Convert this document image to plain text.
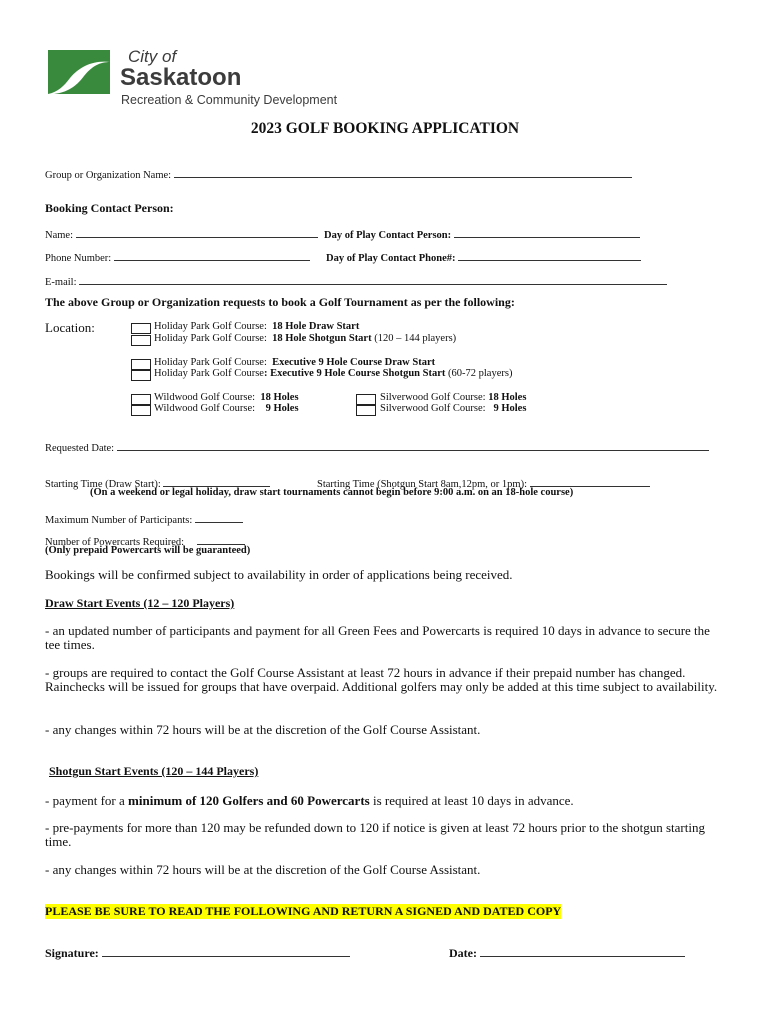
City of
Saskatoon
Recreation & Community Development
2023 GOLF BOOKING APPLICATION
Group or Organization Name:
Booking Contact Person:
Name:	Day of Play Contact Person:
Phone Number:	Day of Play Contact Phone#:
E-mail:
The above Group or Organization requests to book a Golf Tournament as per the following:
Location:	Holiday Park Golf Course: 18 Hole Draw Start
Holiday Park Golf Course: 18 Hole Shotgun Start (120 – 144 players)
Holiday Park Golf Course: Executive 9 Hole Course Draw Start
Holiday Park Golf Course: Executive 9 Hole Course Shotgun Start (60-72 players)
Wildwood Golf Course: 18 Holes
Wildwood Golf Course: 9 Holes
Silverwood Golf Course: 18 Holes
Silverwood Golf Course: 9 Holes
Requested Date:
Starting Time (Draw Start):	Starting Time (Shotgun Start 8am,12pm, or 1pm):
(On a weekend or legal holiday, draw start tournaments cannot begin before 9:00 a.m. on an 18-hole course)
Maximum Number of Participants:
Number of Powercarts Required:
(Only prepaid Powercarts will be guaranteed)
Bookings will be confirmed subject to availability in order of applications being received.
Draw Start Events (12 – 120 Players)
- an updated number of participants and payment for all Green Fees and Powercarts is required 10 days in advance to secure the tee times.
- groups are required to contact the Golf Course Assistant at least 72 hours in advance if their prepaid number has changed. Rainchecks will be issued for groups that have overpaid. Additional golfers may only be added at this time subject to availability.
- any changes within 72 hours will be at the discretion of the Golf Course Assistant.
Shotgun Start Events (120 – 144 Players)
- payment for a minimum of 120 Golfers and 60 Powercarts is required at least 10 days in advance.
- pre-payments for more than 120 may be refunded down to 120 if notice is given at least 72 hours prior to the shotgun starting time.
- any changes within 72 hours will be at the discretion of the Golf Course Assistant.
PLEASE BE SURE TO READ THE FOLLOWING AND RETURN A SIGNED AND DATED COPY
Signature:	Date:
